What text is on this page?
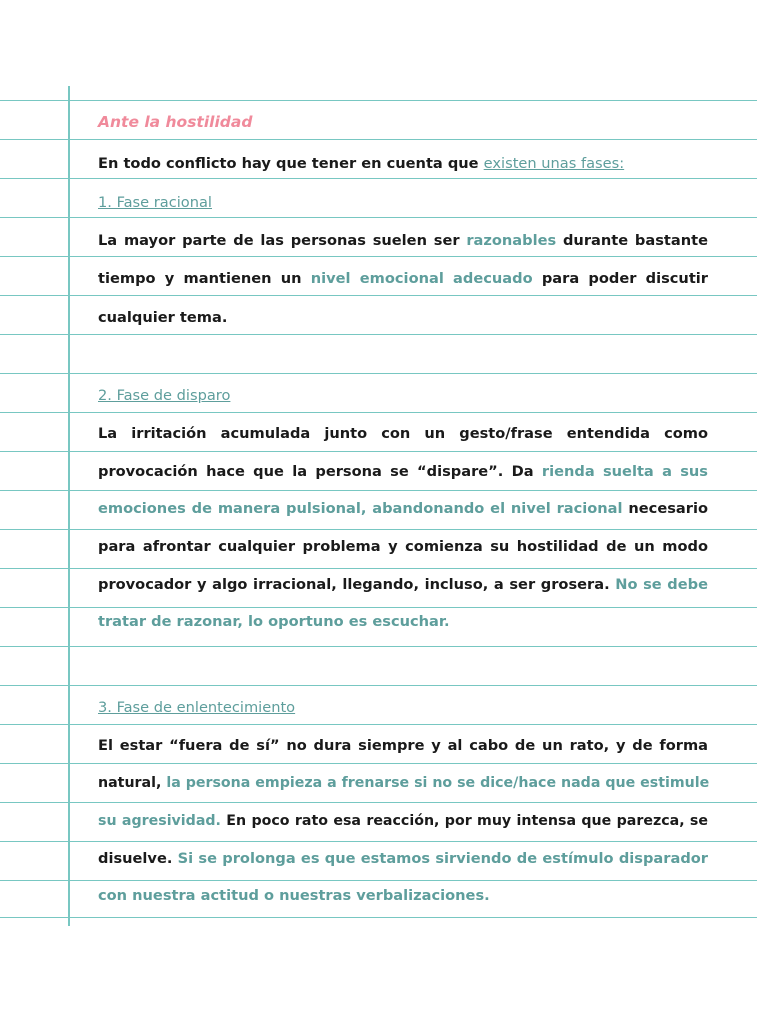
Ante la hostilidad
En todo conflicto hay que tener en cuenta que existen unas fases:
1. Fase racional
La mayor parte de las personas suelen ser razonables durante bastante
tiempo y mantienen un nivel emocional adecuado para poder discutir
cualquier tema.
2. Fase de disparo
La irritación acumulada junto con un gesto/frase entendida como
provocación hace que la persona se “dispare”. Da rienda suelta a sus
emociones de manera pulsional, abandonando el nivel racional necesario
para afrontar cualquier problema y comienza su hostilidad de un modo
provocador y algo irracional, llegando, incluso, a ser grosera. No se debe
tratar de razonar, lo oportuno es escuchar.
3. Fase de enlentecimiento
El estar “fuera de sí” no dura siempre y al cabo de un rato, y de forma
natural, la persona empieza a frenarse si no se dice/hace nada que estimule
su agresividad. En poco rato esa reacción, por muy intensa que parezca, se
disuelve. Si se prolonga es que estamos sirviendo de estímulo disparador
con nuestra actitud o nuestras verbalizaciones.
